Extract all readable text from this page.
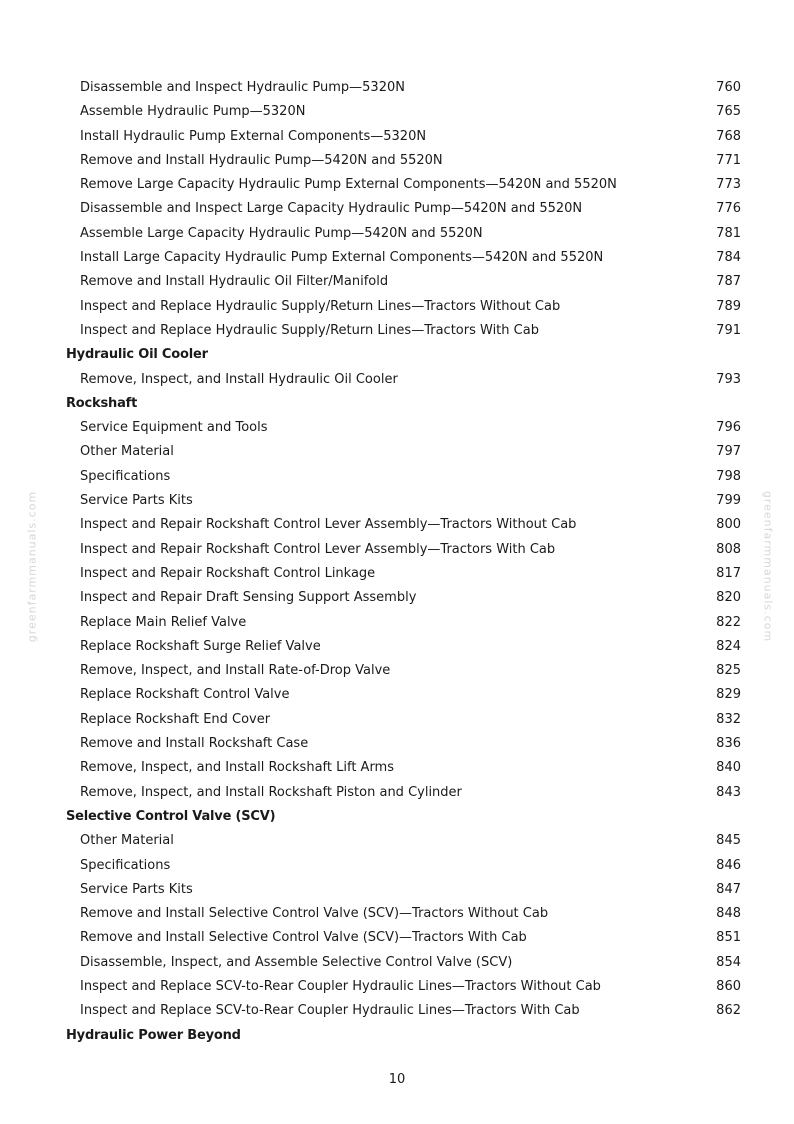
Disassemble and Inspect Hydraulic Pump—5320N	760
Assemble Hydraulic Pump—5320N	765
Install Hydraulic Pump External Components—5320N	768
Remove and Install Hydraulic Pump—5420N and 5520N	771
Remove Large Capacity Hydraulic Pump External Components—5420N and 5520N	773
Disassemble and Inspect Large Capacity Hydraulic Pump—5420N and 5520N	776
Assemble Large Capacity Hydraulic Pump—5420N and 5520N	781
Install Large Capacity Hydraulic Pump External Components—5420N and 5520N	784
Remove and Install Hydraulic Oil Filter/Manifold	787
Inspect and Replace Hydraulic Supply/Return Lines—Tractors Without Cab	789
Inspect and Replace Hydraulic Supply/Return Lines—Tractors With Cab	791
Hydraulic Oil Cooler
Remove, Inspect, and Install Hydraulic Oil Cooler	793
Rockshaft
Service Equipment and Tools	796
Other Material	797
Specifications	798
Service Parts Kits	799
Inspect and Repair Rockshaft Control Lever Assembly—Tractors Without Cab	800
Inspect and Repair Rockshaft Control Lever Assembly—Tractors With Cab	808
Inspect and Repair Rockshaft Control Linkage	817
Inspect and Repair Draft Sensing Support Assembly	820
Replace Main Relief Valve	822
Replace Rockshaft Surge Relief Valve	824
Remove, Inspect, and Install Rate-of-Drop Valve	825
Replace Rockshaft Control Valve	829
Replace Rockshaft End Cover	832
Remove and Install Rockshaft Case	836
Remove, Inspect, and Install Rockshaft Lift Arms	840
Remove, Inspect, and Install Rockshaft Piston and Cylinder	843
Selective Control Valve (SCV)
Other Material	845
Specifications	846
Service Parts Kits	847
Remove and Install Selective Control Valve (SCV)—Tractors Without Cab	848
Remove and Install Selective Control Valve (SCV)—Tractors With Cab	851
Disassemble, Inspect, and Assemble Selective Control Valve (SCV)	854
Inspect and Replace SCV-to-Rear Coupler Hydraulic Lines—Tractors Without Cab	860
Inspect and Replace SCV-to-Rear Coupler Hydraulic Lines—Tractors With Cab	862
Hydraulic Power Beyond
10
greenfarmmanuals.com	greenfarmmanuals.com
